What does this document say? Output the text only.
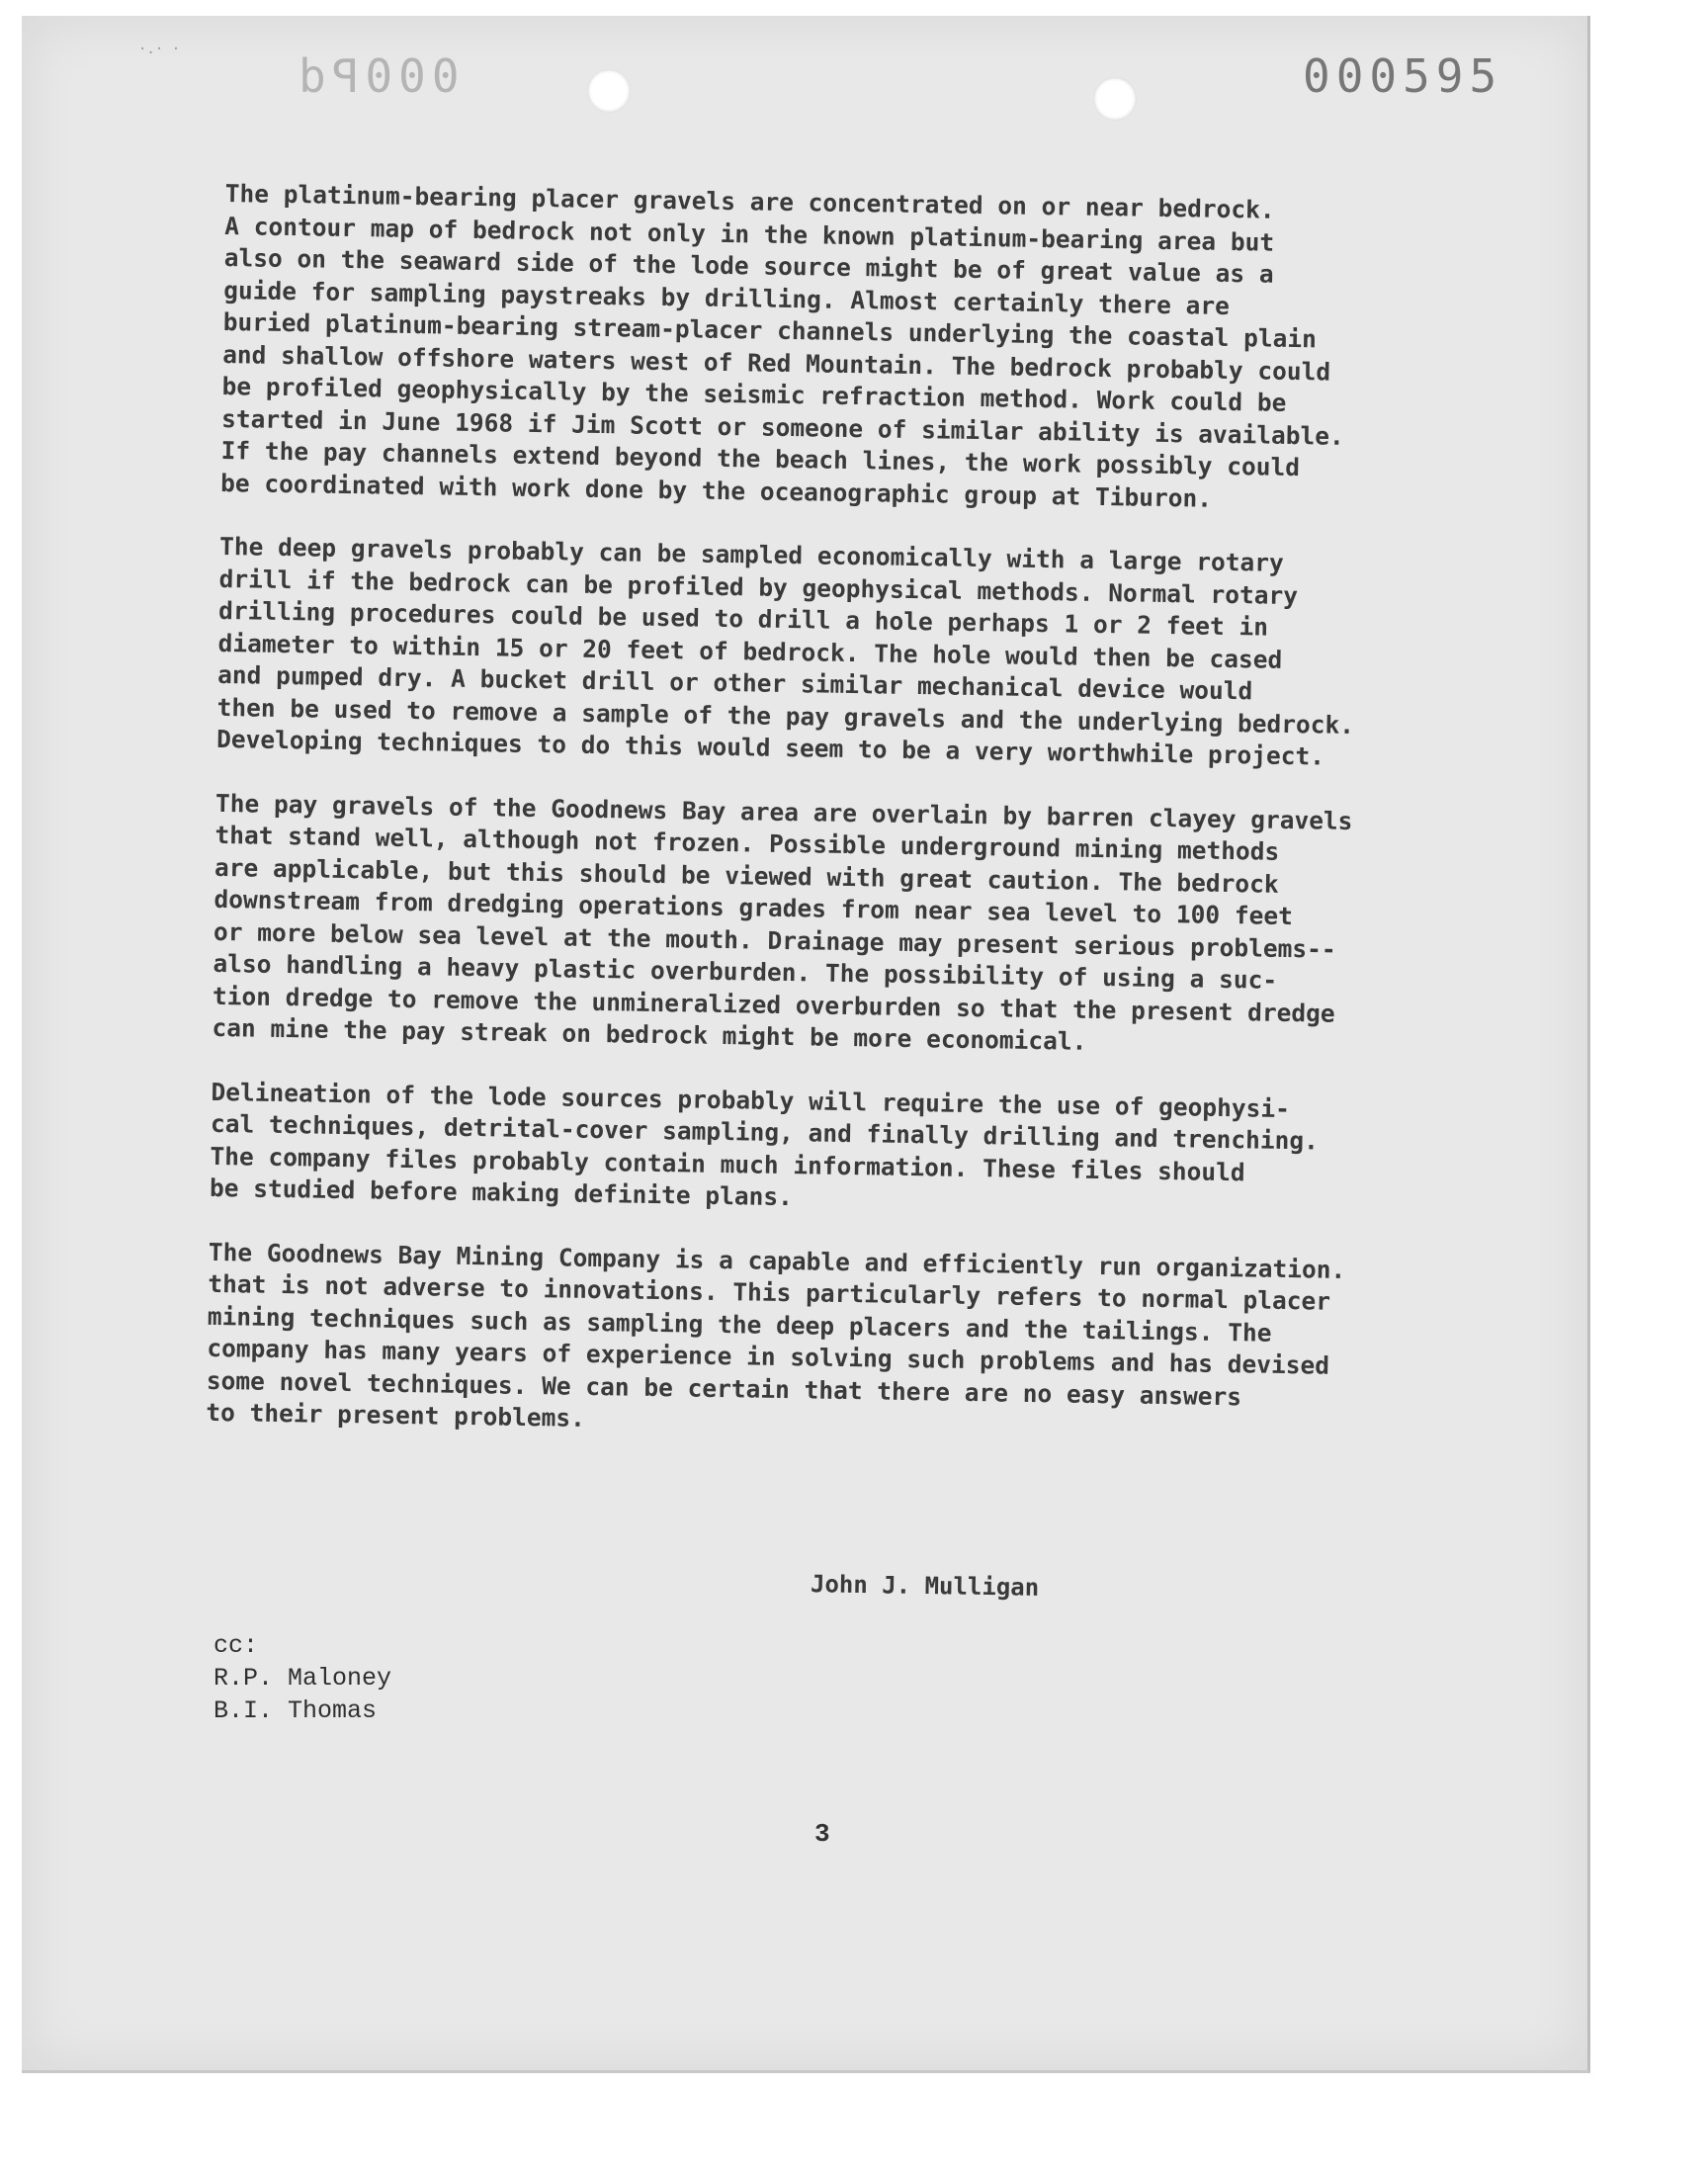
·.· · 000Pd	000595

The platinum-bearing placer gravels are concentrated on or near bedrock.
A contour map of bedrock not only in the known platinum-bearing area but
also on the seaward side of the lode source might be of great value as a
guide for sampling paystreaks by drilling. Almost certainly there are
buried platinum-bearing stream-placer channels underlying the coastal plain
and shallow offshore waters west of Red Mountain. The bedrock probably could
be profiled geophysically by the seismic refraction method. Work could be
started in June 1968 if Jim Scott or someone of similar ability is available.
If the pay channels extend beyond the beach lines, the work possibly could
be coordinated with work done by the oceanographic group at Tiburon.

The deep gravels probably can be sampled economically with a large rotary
drill if the bedrock can be profiled by geophysical methods. Normal rotary
drilling procedures could be used to drill a hole perhaps 1 or 2 feet in
diameter to within 15 or 20 feet of bedrock. The hole would then be cased
and pumped dry. A bucket drill or other similar mechanical device would
then be used to remove a sample of the pay gravels and the underlying bedrock.
Developing techniques to do this would seem to be a very worthwhile project.

The pay gravels of the Goodnews Bay area are overlain by barren clayey gravels
that stand well, although not frozen. Possible underground mining methods
are applicable, but this should be viewed with great caution. The bedrock
downstream from dredging operations grades from near sea level to 100 feet
or more below sea level at the mouth. Drainage may present serious problems--
also handling a heavy plastic overburden. The possibility of using a suc-
tion dredge to remove the unmineralized overburden so that the present dredge
can mine the pay streak on bedrock might be more economical.

Delineation of the lode sources probably will require the use of geophysi-
cal techniques, detrital-cover sampling, and finally drilling and trenching.
The company files probably contain much information. These files should
be studied before making definite plans.

The Goodnews Bay Mining Company is a capable and efficiently run organization.
that is not adverse to innovations. This particularly refers to normal placer
mining techniques such as sampling the deep placers and the tailings. The
company has many years of experience in solving such problems and has devised
some novel techniques. We can be certain that there are no easy answers
to their present problems.

John J. Mulligan
cc:
R.P. Maloney
B.I. Thomas
3
